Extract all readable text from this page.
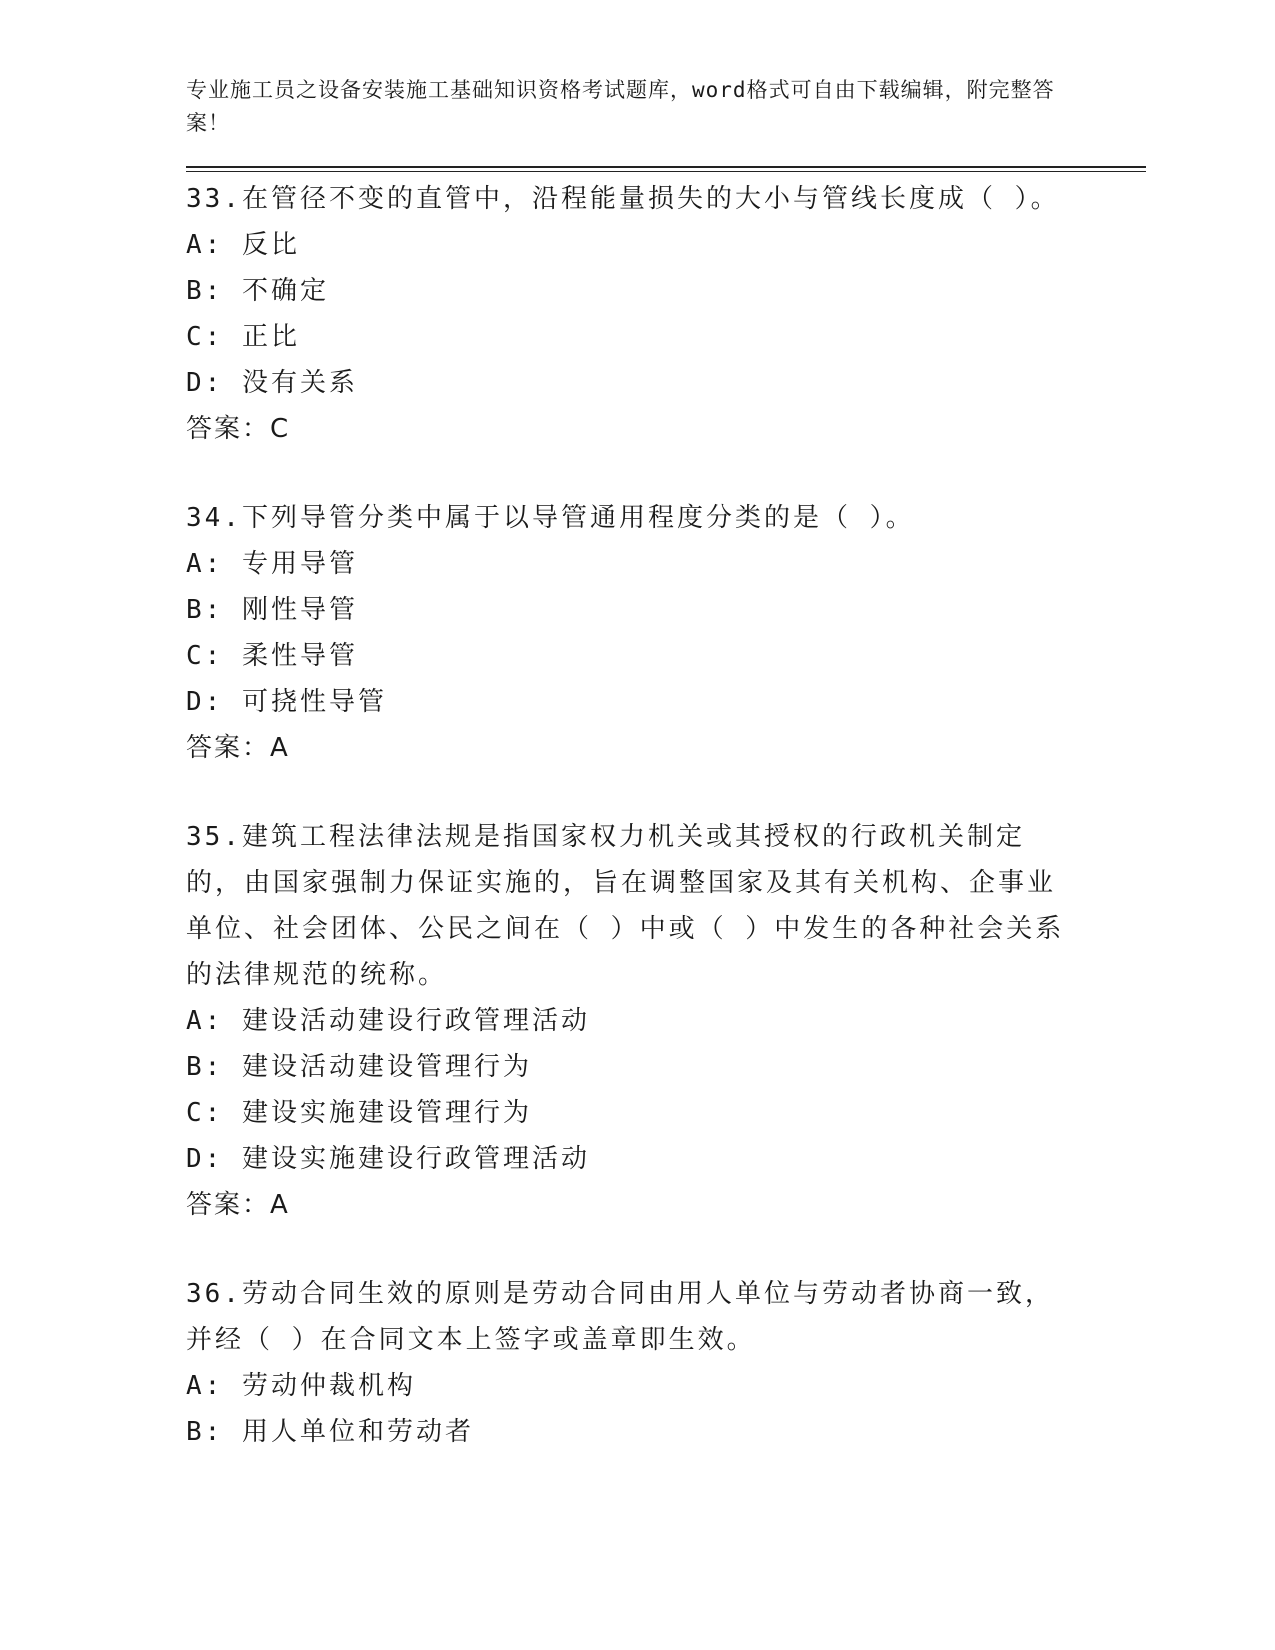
专业施工员之设备安装施工基础知识资格考试题库，word格式可自由下载编辑，附完整答案！
33.在管径不变的直管中，沿程能量损失的大小与管线长度成（ ）。
A: 反比
B: 不确定
C: 正比
D: 没有关系
答案：C
34.下列导管分类中属于以导管通用程度分类的是（ ）。
A: 专用导管
B: 刚性导管
C: 柔性导管
D: 可挠性导管
答案：A
35.建筑工程法律法规是指国家权力机关或其授权的行政机关制定的，由国家强制力保证实施的，旨在调整国家及其有关机构、企事业单位、社会团体、公民之间在（ ）中或（ ）中发生的各种社会关系的法律规范的统称。
A: 建设活动建设行政管理活动
B: 建设活动建设管理行为
C: 建设实施建设管理行为
D: 建设实施建设行政管理活动
答案：A
36.劳动合同生效的原则是劳动合同由用人单位与劳动者协商一致，并经（ ）在合同文本上签字或盖章即生效。
A: 劳动仲裁机构
B: 用人单位和劳动者
